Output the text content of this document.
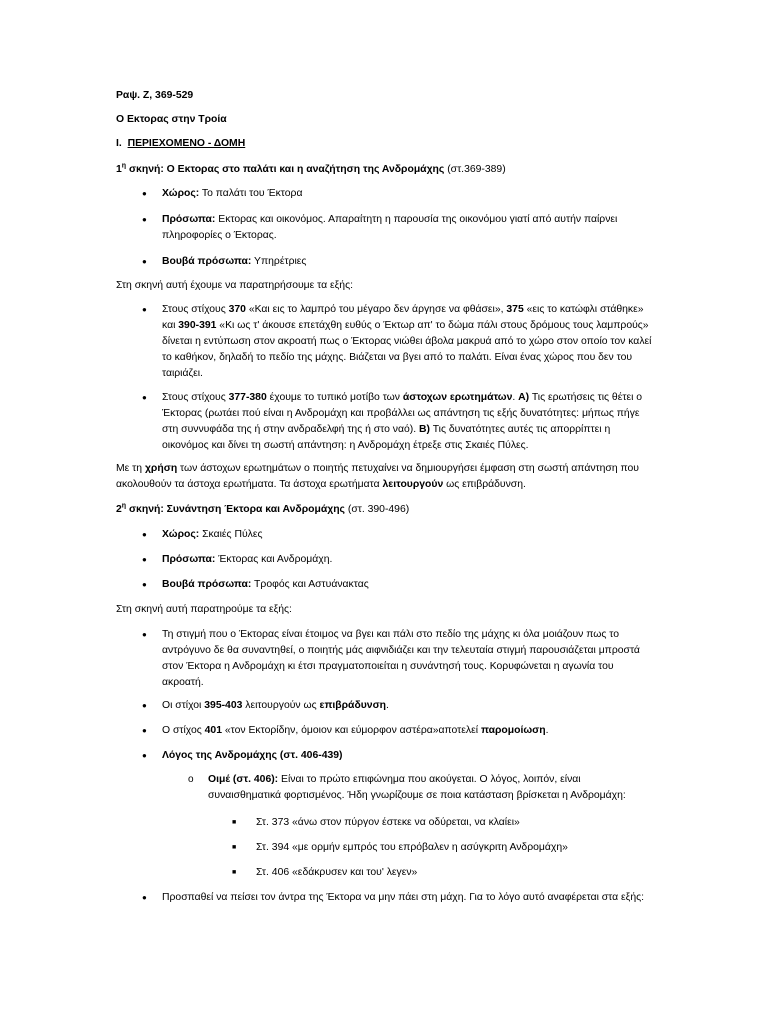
Ραψ. Ζ, 369-529

Ο Εκτορας στην Τροία

I. ΠΕΡΙΕΧΟΜΕΝΟ - ΔΟΜΗ

$1^\eta$ σκηνή: Ο Εκτορας στο παλάτι και η αναζήτηση της Ανδρομάχης (στ.369-389)

●	Χώρος: Το παλάτι του Έκτορα
●	Πρόσωπα: Εκτορας και οικονόμος. Απαραίτητη η παρουσία της οικονόμου γιατί από αυτήν παίρνει πληροφορίες ο Έκτορας.
●	Βουβά πρόσωπα: Υπηρέτριες

Στη σκηνή αυτή έχουμε να παρατηρήσουμε τα εξής:

●	Στους στίχους 370 «Και εις το λαμπρό του μέγαρο δεν άργησε να φθάσει», 375 «εις το κατώφλι στάθηκε» και 390-391 «Κι ως τ' άκουσε επετάχθη ευθύς ο Έκτωρ απ' το δώμα πάλι στους δρόμους τους λαμπρούς» δίνεται η εντύπωση στον ακροατή πως ο Έκτορας νιώθει άβολα μακρυά από το χώρο στον οποίο τον καλεί το καθήκον, δηλαδή το πεδίο της μάχης. Βιάζεται να βγει από το παλάτι. Είναι ένας χώρος που δεν του ταιριάζει.
●	Στους στίχους 377-380 έχουμε το τυπικό μοτίβο των άστοχων ερωτημάτων. Α) Τις ερωτήσεις τις θέτει ο Έκτορας (ρωτάει πού είναι η Ανδρομάχη και προβάλλει ως απάντηση τις εξής δυνατότητες: μήπως πήγε στη συννυφάδα της ή στην ανδραδελφή της ή στο ναό). Β) Τις δυνατότητες αυτές τις απορρίπτει η οικονόμος και δίνει τη σωστή απάντηση: η Ανδρομάχη έτρεξε στις Σκαιές Πύλες.

Με τη χρήση των άστοχων ερωτημάτων ο ποιητής πετυχαίνει να δημιουργήσει έμφαση στη σωστή απάντηση που ακολουθούν τα άστοχα ερωτήματα. Τα άστοχα ερωτήματα λειτουργούν ως επιβράδυνση.

$2^\eta$ σκηνή: Συνάντηση Έκτορα και Ανδρομάχης (στ. 390-496)

●	Χώρος: Σκαιές Πύλες
●	Πρόσωπα: Έκτορας και Ανδρομάχη.
●	Βουβά πρόσωπα: Τροφός και Αστυάνακτας

Στη σκηνή αυτή παρατηρούμε τα εξής:

●	Τη στιγμή που ο Έκτορας είναι έτοιμος να βγει και πάλι στο πεδίο της μάχης κι όλα μοιάζουν πως το αντρόγυνο δε θα συναντηθεί, ο ποιητής μάς αιφνιδιάζει και την τελευταία στιγμή παρουσιάζεται μπροστά στον Έκτορα η Ανδρομάχη κι έτσι πραγματοποιείται η συνάντησή τους. Κορυφώνεται η αγωνία του ακροατή.
●	Οι στίχοι 395-403 λειτουργούν ως επιβράδυνση.
●	Ο στίχος 401 «τον Εκτορίδην, όμοιον και εύμορφον αστέρα»αποτελεί παρομοίωση.
●	Λόγος της Ανδρομάχης (στ. 406-439)
o Οιμέ (στ. 406): Είναι το πρώτο επιφώνημα που ακούγεται. Ο λόγος, λοιπόν, είναι συναισθηματικά φορτισμένος. Ήδη γνωρίζουμε σε ποια κατάσταση βρίσκεται η Ανδρομάχη:
■ Στ. 373 «άνω στον πύργον έστεκε να οδύρεται, να κλαίει»
■ Στ. 394 «με ορμήν εμπρός του επρόβαλεν η ασύγκριτη Ανδρομάχη»
■ Στ. 406 «εδάκρυσεν και του' λεγεν»
●	Προσπαθεί να πείσει τον άντρα της Έκτορα να μην πάει στη μάχη. Για το λόγο αυτό αναφέρεται στα εξής:
